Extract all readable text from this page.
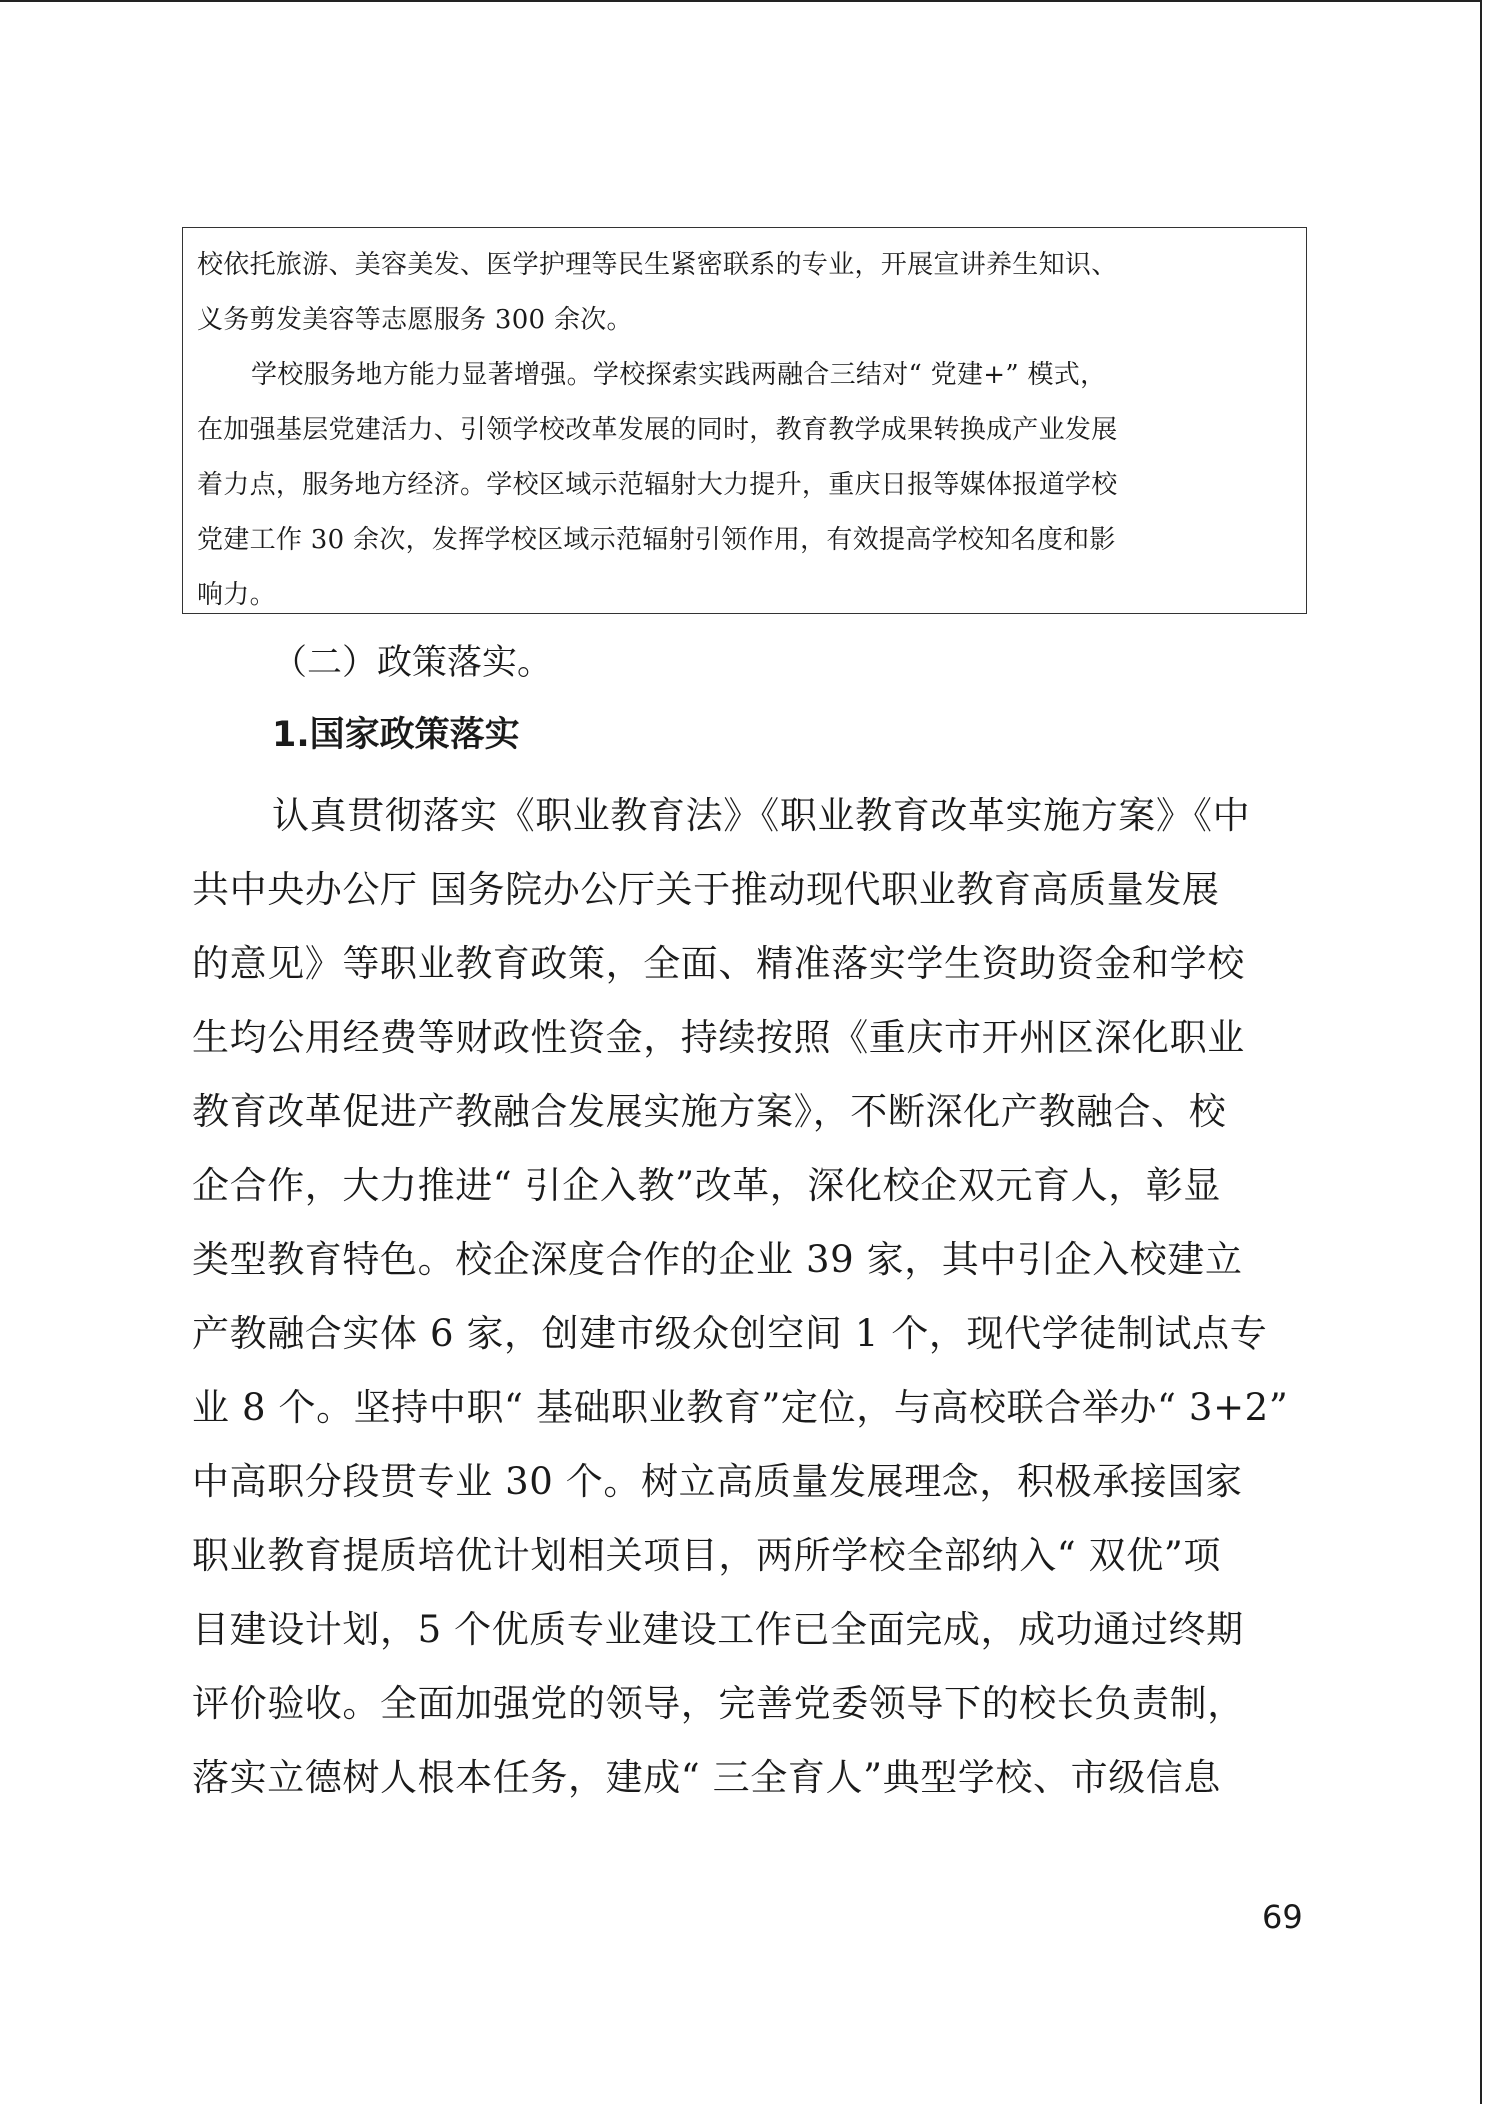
校依托旅游、美容美发、医学护理等民生紧密联系的专业，开展宣讲养生知识、
义务剪发美容等志愿服务 300 余次。
学校服务地方能力显著增强。学校探索实践两融合三结对“ 党建+” 模式，
在加强基层党建活力、引领学校改革发展的同时，教育教学成果转换成产业发展
着力点，服务地方经济。学校区域示范辐射大力提升，重庆日报等媒体报道学校
党建工作 30 余次，发挥学校区域示范辐射引领作用，有效提高学校知名度和影
响力。
（二）政策落实。
1.国家政策落实
认真贯彻落实《职业教育法》《职业教育改革实施方案》《中
共中央办公厅 国务院办公厅关于推动现代职业教育高质量发展
的意见》等职业教育政策，全面、精准落实学生资助资金和学校
生均公用经费等财政性资金，持续按照《重庆市开州区深化职业
教育改革促进产教融合发展实施方案》，不断深化产教融合、校
企合作，大力推进“ 引企入教”改革，深化校企双元育人，彰显
类型教育特色。校企深度合作的企业 39 家，其中引企入校建立
产教融合实体 6 家，创建市级众创空间 1 个，现代学徒制试点专
业 8 个。坚持中职“ 基础职业教育”定位，与高校联合举办“ 3+2”
中高职分段贯专业 30 个。树立高质量发展理念，积极承接国家
职业教育提质培优计划相关项目，两所学校全部纳入“ 双优”项
目建设计划，5 个优质专业建设工作已全面完成，成功通过终期
评价验收。全面加强党的领导，完善党委领导下的校长负责制，
落实立德树人根本任务，建成“ 三全育人”典型学校、市级信息
69
